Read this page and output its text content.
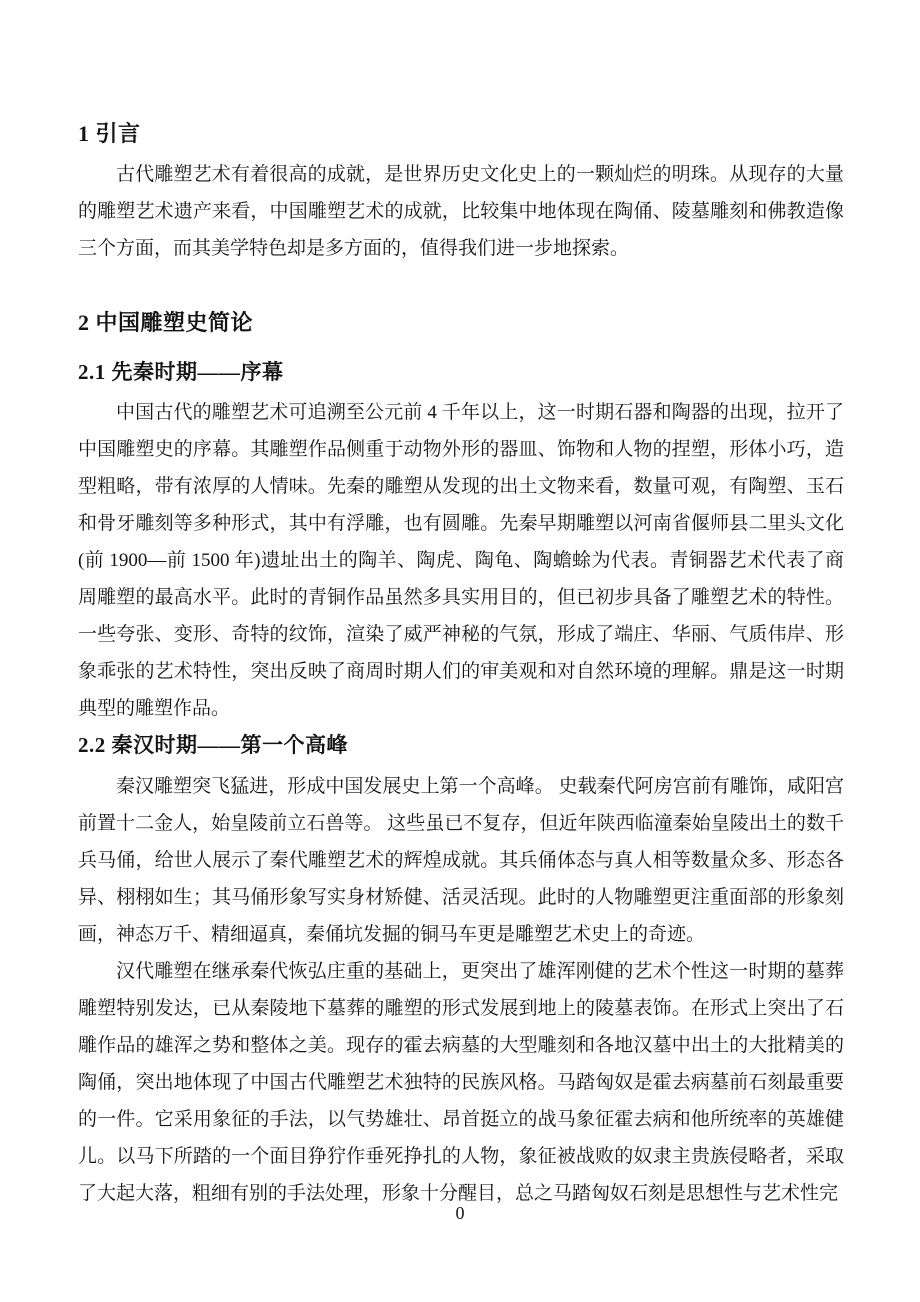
1 引言

古代雕塑艺术有着很高的成就，是世界历史文化史上的一颗灿烂的明珠。从现存的大量的雕塑艺术遗产来看，中国雕塑艺术的成就，比较集中地体现在陶俑、陵墓雕刻和佛教造像三个方面，而其美学特色却是多方面的，值得我们进一步地探索。

2 中国雕塑史简论
2.1 先秦时期——序幕

中国古代的雕塑艺术可追溯至公元前 4 千年以上，这一时期石器和陶器的出现，拉开了中国雕塑史的序幕。其雕塑作品侧重于动物外形的器皿、饰物和人物的捏塑，形体小巧，造型粗略，带有浓厚的人情味。先秦的雕塑从发现的出土文物来看，数量可观，有陶塑、玉石和骨牙雕刻等多种形式，其中有浮雕，也有圆雕。先秦早期雕塑以河南省偃师县二里头文化(前 1900—前 1500 年)遗址出土的陶羊、陶虎、陶龟、陶蟾蜍为代表。青铜器艺术代表了商周雕塑的最高水平。此时的青铜作品虽然多具实用目的，但已初步具备了雕塑艺术的特性。一些夸张、变形、奇特的纹饰，渲染了威严神秘的气氛，形成了端庄、华丽、气质伟岸、形象乖张的艺术特性，突出反映了商周时期人们的审美观和对自然环境的理解。鼎是这一时期典型的雕塑作品。

2.2 秦汉时期——第一个高峰

秦汉雕塑突飞猛进，形成中国发展史上第一个高峰。 史载秦代阿房宫前有雕饰，咸阳宫前置十二金人，始皇陵前立石兽等。 这些虽已不复存，但近年陕西临潼秦始皇陵出土的数千兵马俑，给世人展示了秦代雕塑艺术的辉煌成就。其兵俑体态与真人相等数量众多、形态各异、栩栩如生；其马俑形象写实身材矫健、活灵活现。此时的人物雕塑更注重面部的形象刻画，神态万千、精细逼真，秦俑坑发掘的铜马车更是雕塑艺术史上的奇迹。

汉代雕塑在继承秦代恢弘庄重的基础上，更突出了雄浑刚健的艺术个性这一时期的墓葬雕塑特别发达，已从秦陵地下墓葬的雕塑的形式发展到地上的陵墓表饰。在形式上突出了石雕作品的雄浑之势和整体之美。现存的霍去病墓的大型雕刻和各地汉墓中出土的大批精美的陶俑，突出地体现了中国古代雕塑艺术独特的民族风格。马踏匈奴是霍去病墓前石刻最重要的一件。它采用象征的手法，以气势雄壮、昂首挺立的战马象征霍去病和他所统率的英雄健儿。以马下所踏的一个面目狰狞作垂死挣扎的人物，象征被战败的奴隶主贵族侵略者，采取了大起大落，粗细有别的手法处理，形象十分醒目，总之马踏匈奴石刻是思想性与艺术性完

0
